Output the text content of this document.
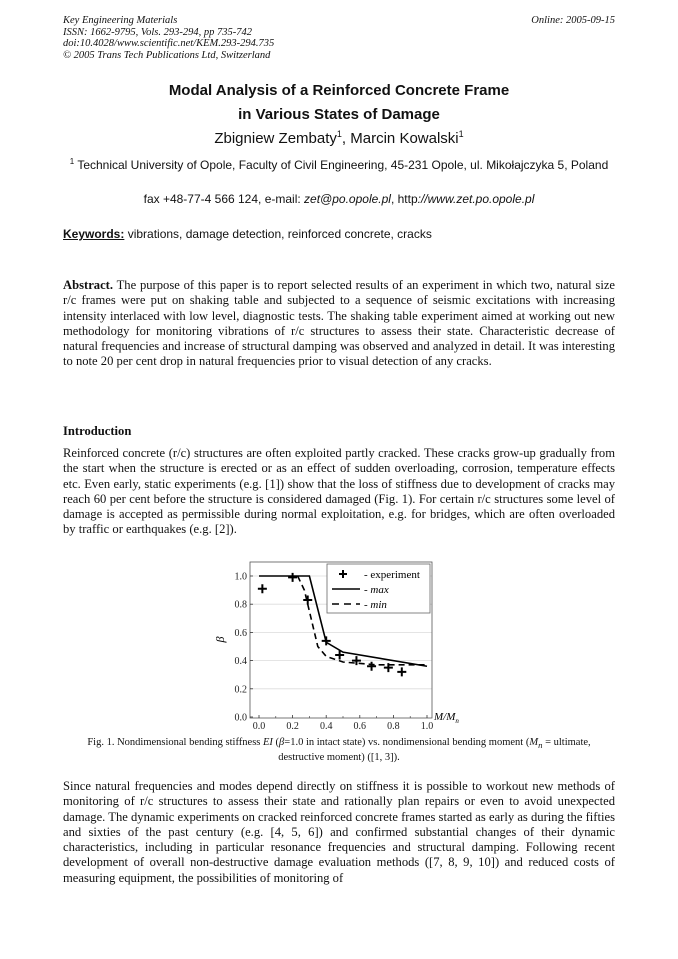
Key Engineering Materials
ISSN: 1662-9795, Vols. 293-294, pp 735-742
doi:10.4028/www.scientific.net/KEM.293-294.735
© 2005 Trans Tech Publications Ltd, Switzerland
Online: 2005-09-15
Modal Analysis of a Reinforced Concrete Frame
in Various States of Damage
Zbigniew Zembaty$^1$, Marcin Kowalski$^1$
$^1$ Technical University of Opole, Faculty of Civil Engineering, 45-231 Opole, ul. Mikołajczyka 5, Poland
fax +48-77-4 566 124, e-mail: zet@po.opole.pl, http://www.zet.po.opole.pl
Keywords: vibrations, damage detection, reinforced concrete, cracks
Abstract. The purpose of this paper is to report selected results of an experiment in which two, natural size r/c frames were put on shaking table and subjected to a sequence of seismic excitations with increasing intensity interlaced with low level, diagnostic tests. The shaking table experiment aimed at working out new methodology for monitoring vibrations of r/c structures to assess their state. Characteristic decrease of natural frequencies and increase of structural damping was observed and analyzed in detail. It was interesting to note 20 per cent drop in natural frequencies prior to visual detection of any cracks.
Introduction
Reinforced concrete (r/c) structures are often exploited partly cracked. These cracks grow-up gradually from the start when the structure is erected or as an effect of sudden overloading, corrosion, temperature effects etc. Even early, static experiments (e.g. [1]) show that the loss of stiffness due to development of cracks may reach 60 per cent before the structure is considered damaged (Fig. 1). For certain r/c structures some level of damage is accepted as permissible during normal exploitation, e.g. for bridges, which are often overloaded by traffic or earthquakes (e.g. [2]).
0.0
0.2
0.4
0.6
0.8
1.0
0.0 0.2 0.4 0.6 0.8 1.0
β
$M/M_n$
- experiment
- max
- min
Fig. 1. Nondimensional bending stiffness EI (β=1.0 in intact state) vs. nondimensional bending moment ($M_n$ = ultimate, destructive moment) ([1, 3]).
Since natural frequencies and modes depend directly on stiffness it is possible to workout new methods of monitoring of r/c structures to assess their state and rationally plan repairs or even to avoid unexpected damage. The dynamic experiments on cracked reinforced concrete frames started as early as during the fifties and sixties of the past century (e.g. [4, 5, 6]) and confirmed substantial changes of their dynamic characteristics, including in particular resonance frequencies and structural damping. Following recent development of overall non-destructive damage evaluation methods ([7, 8, 9, 10]) and reduced costs of measuring equipment, the possibilities of monitoring of
